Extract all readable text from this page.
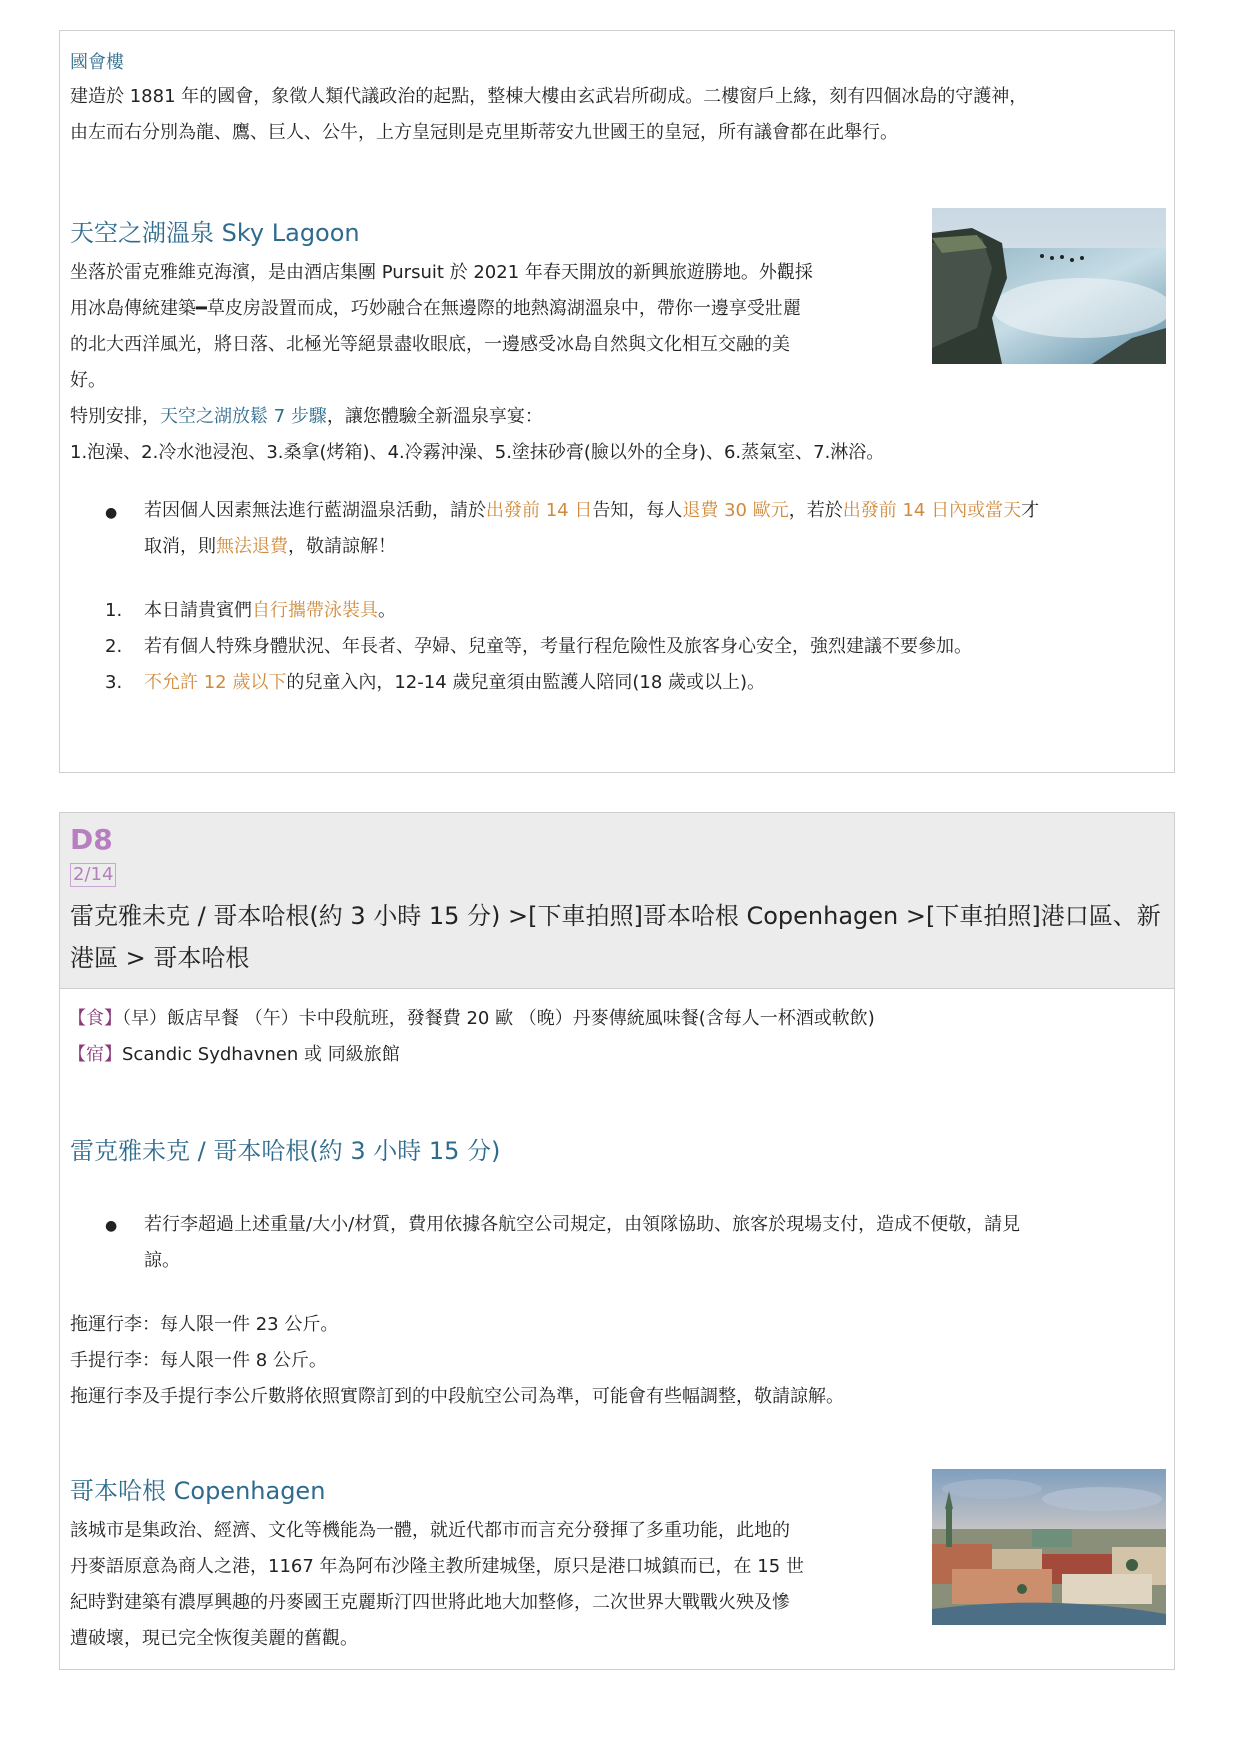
國會樓
建造於 1881 年的國會，象徵人類代議政治的起點，整棟大樓由玄武岩所砌成。二樓窗戶上緣，刻有四個冰島的守護神，
由左而右分別為龍、鷹、巨人、公牛，上方皇冠則是克里斯蒂安九世國王的皇冠，所有議會都在此舉行。
天空之湖溫泉 Sky Lagoon
坐落於雷克雅維克海濱，是由酒店集團 Pursuit 於 2021 年春天開放的新興旅遊勝地。外觀採
用冰島傳統建築━草皮房設置而成，巧妙融合在無邊際的地熱瀉湖溫泉中，帶你一邊享受壯麗
的北大西洋風光，將日落、北極光等絕景盡收眼底，一邊感受冰島自然與文化相互交融的美
好。
特別安排，天空之湖放鬆 7 步驟，讓您體驗全新溫泉享宴：
1.泡澡、2.冷水池浸泡、3.桑拿(烤箱)、4.冷霧沖澡、5.塗抹砂膏(臉以外的全身)、6.蒸氣室、7.淋浴。
● 若因個人因素無法進行藍湖溫泉活動，請於出發前 14 日告知，每人退費 30 歐元，若於出發前 14 日內或當天才
取消，則無法退費，敬請諒解！
1. 本日請貴賓們自行攜帶泳裝具。
2. 若有個人特殊身體狀況、年長者、孕婦、兒童等，考量行程危險性及旅客身心安全，強烈建議不要參加。
3. 不允許 12 歲以下的兒童入內，12-14 歲兒童須由監護人陪同(18 歲或以上)。
D8
2/14
雷克雅未克 / 哥本哈根(約 3 小時 15 分) >[下車拍照]哥本哈根 Copenhagen >[下車拍照]港口區、新
港區 > 哥本哈根
【食】（早）飯店早餐 （午）卡中段航班，發餐費 20 歐 （晚）丹麥傳統風味餐(含每人一杯酒或軟飲)
【宿】Scandic Sydhavnen 或 同級旅館
雷克雅未克 / 哥本哈根(約 3 小時 15 分)
● 若行李超過上述重量/大小/材質，費用依據各航空公司規定，由領隊協助、旅客於現場支付，造成不便敬，請見
諒。
拖運行李：每人限一件 23 公斤。
手提行李：每人限一件 8 公斤。
拖運行李及手提行李公斤數將依照實際訂到的中段航空公司為準，可能會有些幅調整，敬請諒解。
哥本哈根 Copenhagen
該城市是集政治、經濟、文化等機能為一體，就近代都市而言充分發揮了多重功能，此地的
丹麥語原意為商人之港，1167 年為阿布沙隆主教所建城堡，原只是港口城鎮而已，在 15 世
紀時對建築有濃厚興趣的丹麥國王克麗斯汀四世將此地大加整修，二次世界大戰戰火殃及慘
遭破壞，現已完全恢復美麗的舊觀。
